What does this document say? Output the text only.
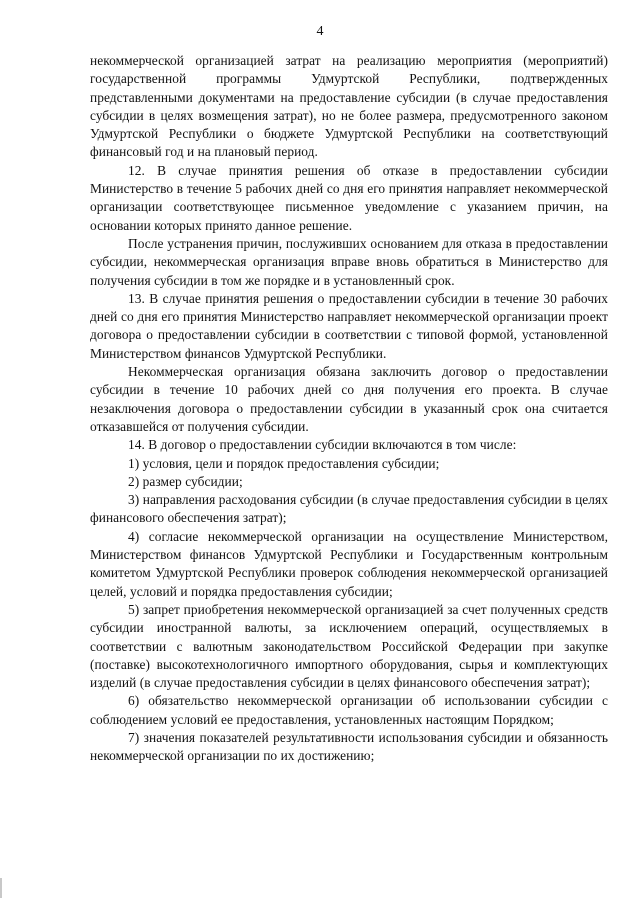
4

некоммерческой организацией затрат на реализацию мероприятия (мероприятий) государственной программы Удмуртской Республики, подтвержденных представленными документами на предоставление субсидии (в случае предоставления субсидии в целях возмещения затрат), но не более размера, предусмотренного законом Удмуртской Республики о бюджете Удмуртской Республики на соответствующий финансовый год и на плановый период.

12. В случае принятия решения об отказе в предоставлении субсидии Министерство в течение 5 рабочих дней со дня его принятия направляет некоммерческой организации соответствующее письменное уведомление с указанием причин, на основании которых принято данное решение.

После устранения причин, послуживших основанием для отказа в предоставлении субсидии, некоммерческая организация вправе вновь обратиться в Министерство для получения субсидии в том же порядке и в установленный срок.

13. В случае принятия решения о предоставлении субсидии в течение 30 рабочих дней со дня его принятия Министерство направляет некоммерческой организации проект договора о предоставлении субсидии в соответствии с типовой формой, установленной Министерством финансов Удмуртской Республики.

Некоммерческая организация обязана заключить договор о предоставлении субсидии в течение 10 рабочих дней со дня получения его проекта. В случае незаключения договора о предоставлении субсидии в указанный срок она считается отказавшейся от получения субсидии.

14. В договор о предоставлении субсидии включаются в том числе:

1) условия, цели и порядок предоставления субсидии;

2) размер субсидии;

3) направления расходования субсидии (в случае предоставления субсидии в целях финансового обеспечения затрат);

4) согласие некоммерческой организации на осуществление Министерством, Министерством финансов Удмуртской Республики и Государственным контрольным комитетом Удмуртской Республики проверок соблюдения некоммерческой организацией целей, условий и порядка предоставления субсидии;

5) запрет приобретения некоммерческой организацией за счет полученных средств субсидии иностранной валюты, за исключением операций, осуществляемых в соответствии с валютным законодательством Российской Федерации при закупке (поставке) высокотехнологичного импортного оборудования, сырья и комплектующих изделий (в случае предоставления субсидии в целях финансового обеспечения затрат);

6) обязательство некоммерческой организации об использовании субсидии с соблюдением условий ее предоставления, установленных настоящим Порядком;

7) значения показателей результативности использования субсидии и обязанность некоммерческой организации по их достижению;
